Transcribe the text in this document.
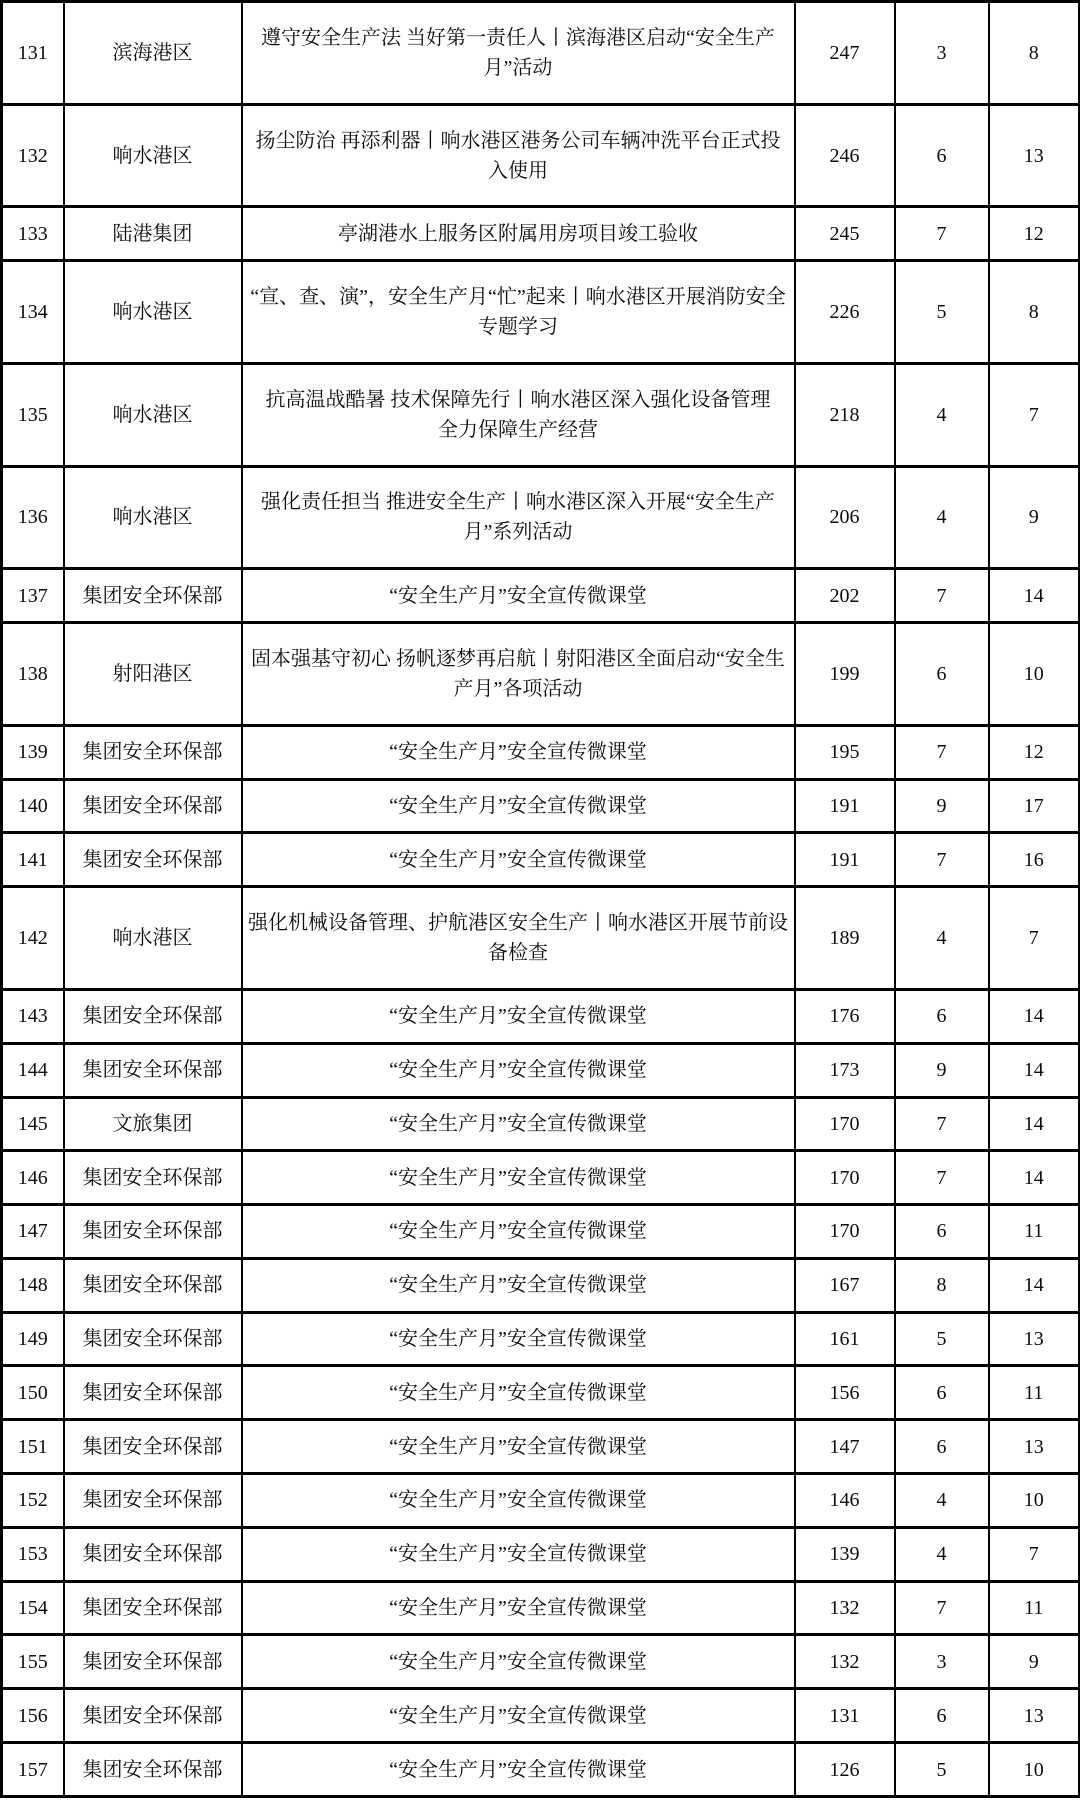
131	滨海港区	遵守安全生产法 当好第一责任人丨滨海港区启动“安全生产月”活动	247	3	8
132	响水港区	扬尘防治 再添利器丨响水港区港务公司车辆冲洗平台正式投入使用	246	6	13
133	陆港集团	亭湖港水上服务区附属用房项目竣工验收	245	7	12
134	响水港区	“宣、查、演”，安全生产月“忙”起来丨响水港区开展消防安全专题学习	226	5	8
135	响水港区	抗高温战酷暑 技术保障先行丨响水港区深入强化设备管理　全力保障生产经营	218	4	7
136	响水港区	强化责任担当 推进安全生产丨响水港区深入开展“安全生产月”系列活动	206	4	9
137	集团安全环保部	“安全生产月”安全宣传微课堂	202	7	14
138	射阳港区	固本强基守初心 扬帆逐梦再启航丨射阳港区全面启动“安全生产月”各项活动	199	6	10
139	集团安全环保部	“安全生产月”安全宣传微课堂	195	7	12
140	集团安全环保部	“安全生产月”安全宣传微课堂	191	9	17
141	集团安全环保部	“安全生产月”安全宣传微课堂	191	7	16
142	响水港区	强化机械设备管理、护航港区安全生产丨响水港区开展节前设备检查	189	4	7
143	集团安全环保部	“安全生产月”安全宣传微课堂	176	6	14
144	集团安全环保部	“安全生产月”安全宣传微课堂	173	9	14
145	文旅集团	“安全生产月”安全宣传微课堂	170	7	14
146	集团安全环保部	“安全生产月”安全宣传微课堂	170	7	14
147	集团安全环保部	“安全生产月”安全宣传微课堂	170	6	11
148	集团安全环保部	“安全生产月”安全宣传微课堂	167	8	14
149	集团安全环保部	“安全生产月”安全宣传微课堂	161	5	13
150	集团安全环保部	“安全生产月”安全宣传微课堂	156	6	11
151	集团安全环保部	“安全生产月”安全宣传微课堂	147	6	13
152	集团安全环保部	“安全生产月”安全宣传微课堂	146	4	10
153	集团安全环保部	“安全生产月”安全宣传微课堂	139	4	7
154	集团安全环保部	“安全生产月”安全宣传微课堂	132	7	11
155	集团安全环保部	“安全生产月”安全宣传微课堂	132	3	9
156	集团安全环保部	“安全生产月”安全宣传微课堂	131	6	13
157	集团安全环保部	“安全生产月”安全宣传微课堂	126	5	10
